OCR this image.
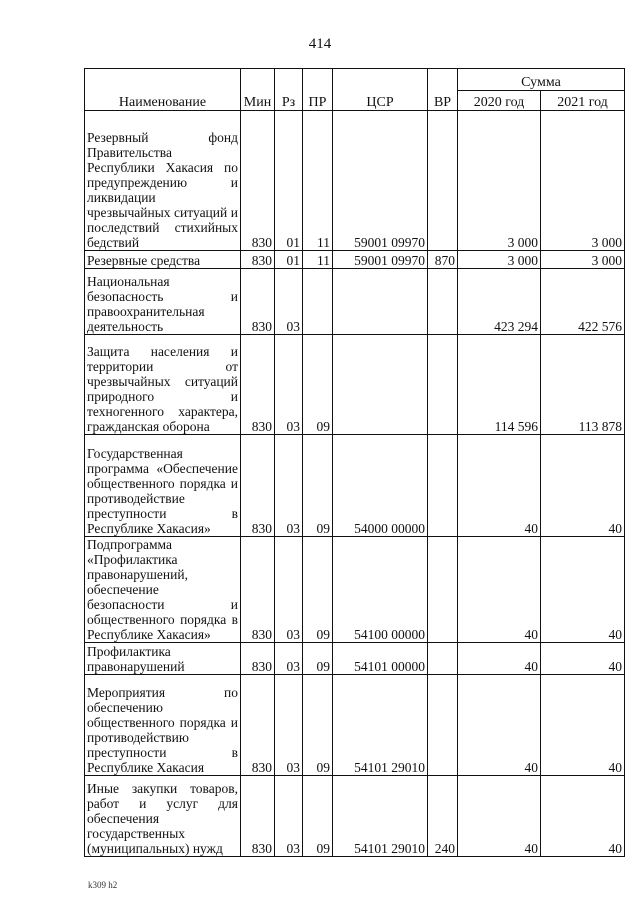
414
Наименование	Мин	Рз	ПР	ЦСР	ВР	Сумма	
						2020 год	2021 год
Резервный фонд Правительства Республики Хакасия по предупреждению и ликвидации чрезвычайных ситуаций и последствий стихийных бедствий	830	01	11	59001 09970		3 000	3 000
Резервные средства	830	01	11	59001 09970	870	3 000	3 000
Национальная безопасность и правоохранительная деятельность	830	03				423 294	422 576
Защита населения и территории от чрезвычайных ситуаций природного и техногенного характера, гражданская оборона	830	03	09			114 596	113 878
Государственная программа «Обеспечение общественного порядка и противодействие преступности в Республике Хакасия»	830	03	09	54000 00000		40	40
Подпрограмма «Профилактика правонарушений, обеспечение безопасности и общественного порядка в Республике Хакасия»	830	03	09	54100 00000		40	40
Профилактика правонарушений	830	03	09	54101 00000		40	40
Мероприятия по обеспечению общественного порядка и противодействию преступности в Республике Хакасия	830	03	09	54101 29010		40	40
Иные закупки товаров, работ и услуг для обеспечения государственных (муниципальных) нужд	830	03	09	54101 29010	240	40	40
k309 h2
